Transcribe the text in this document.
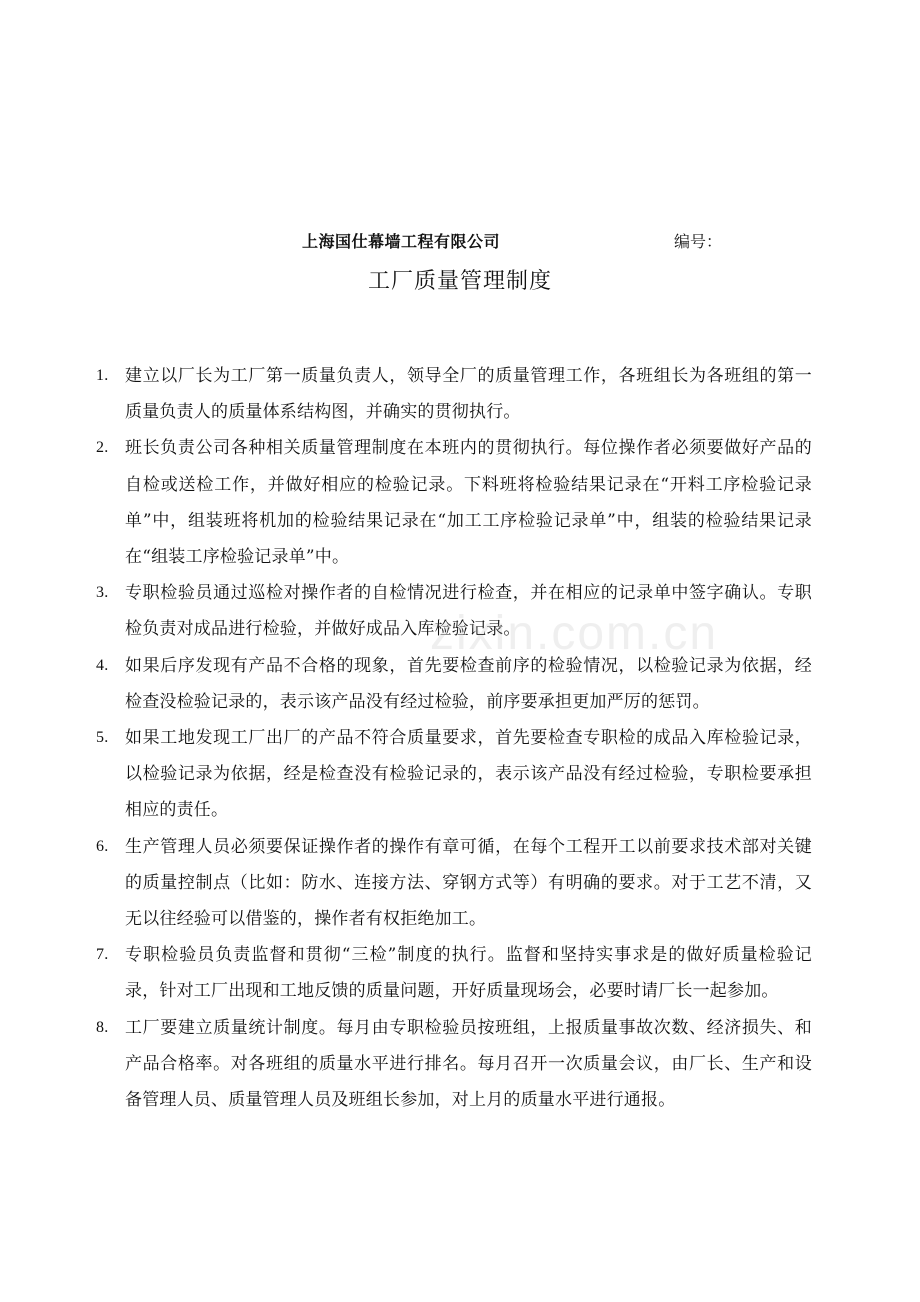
上海国仕幕墙工程有限公司	编号：
工厂质量管理制度
1. 建立以厂长为工厂第一质量负责人，领导全厂的质量管理工作，各班组长为各班组的第一质量负责人的质量体系结构图，并确实的贯彻执行。
2. 班长负责公司各种相关质量管理制度在本班内的贯彻执行。每位操作者必须要做好产品的自检或送检工作，并做好相应的检验记录。下料班将检验结果记录在“开料工序检验记录单”中，组装班将机加的检验结果记录在“加工工序检验记录单”中，组装的检验结果记录在“组装工序检验记录单”中。
3. 专职检验员通过巡检对操作者的自检情况进行检查，并在相应的记录单中签字确认。专职检负责对成品进行检验，并做好成品入库检验记录。
4. 如果后序发现有产品不合格的现象，首先要检查前序的检验情况，以检验记录为依据，经检查没检验记录的，表示该产品没有经过检验，前序要承担更加严厉的惩罚。
5. 如果工地发现工厂出厂的产品不符合质量要求，首先要检查专职检的成品入库检验记录，以检验记录为依据，经是检查没有检验记录的，表示该产品没有经过检验，专职检要承担相应的责任。
6. 生产管理人员必须要保证操作者的操作有章可循，在每个工程开工以前要求技术部对关键的质量控制点（比如：防水、连接方法、穿钢方式等）有明确的要求。对于工艺不清，又无以往经验可以借鉴的，操作者有权拒绝加工。
7. 专职检验员负责监督和贯彻“三检”制度的执行。监督和坚持实事求是的做好质量检验记录，针对工厂出现和工地反馈的质量问题，开好质量现场会，必要时请厂长一起参加。
8. 工厂要建立质量统计制度。每月由专职检验员按班组，上报质量事故次数、经济损失、和产品合格率。对各班组的质量水平进行排名。每月召开一次质量会议，由厂长、生产和设备管理人员、质量管理人员及班组长参加，对上月的质量水平进行通报。
zixin.com.cn
